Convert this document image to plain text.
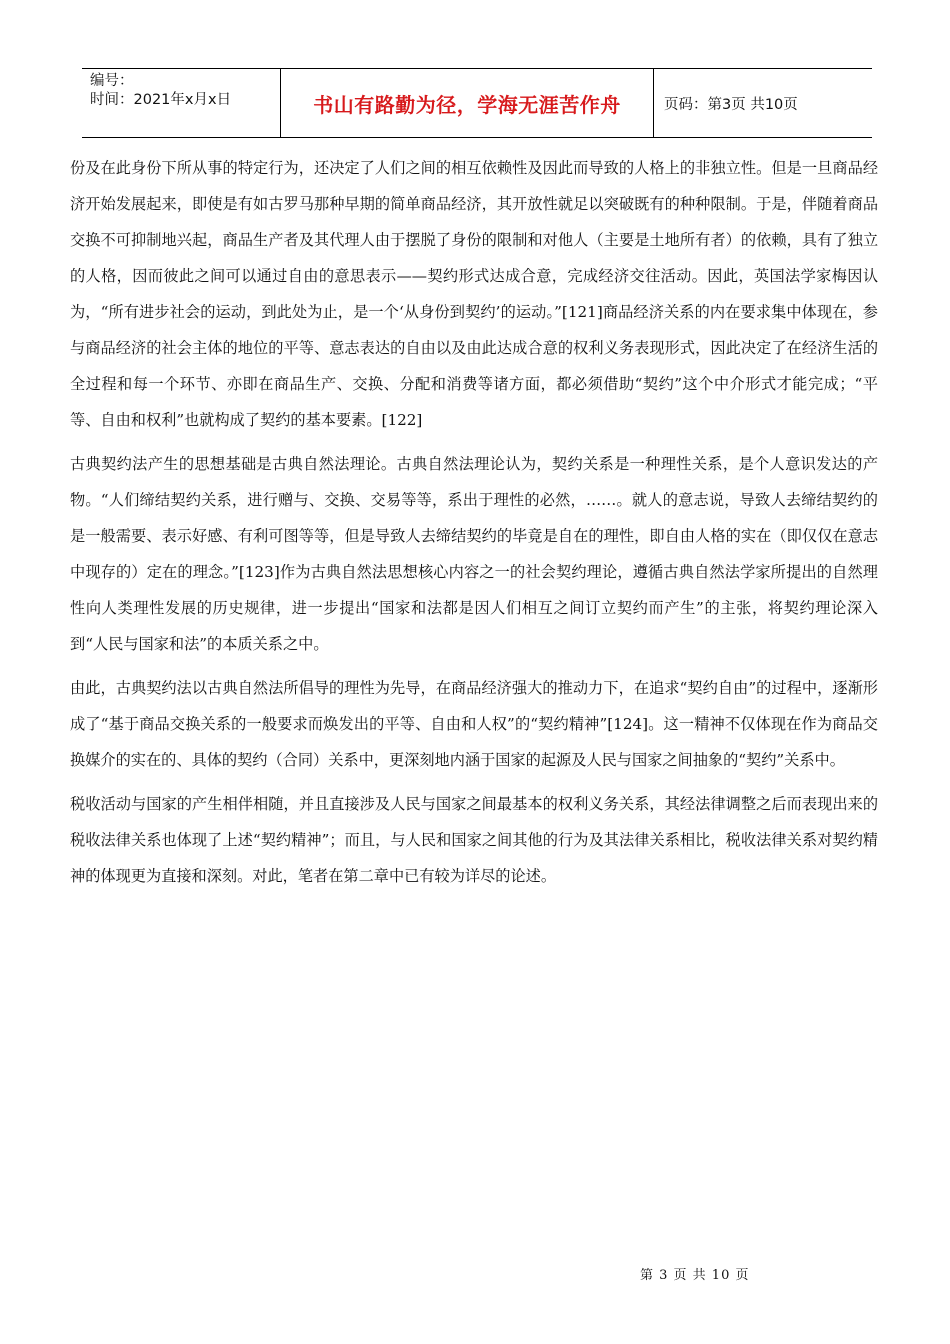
编号：
时间：2021年x月x日	书山有路勤为径，学海无涯苦作舟	页码：第3页 共10页

份及在此身份下所从事的特定行为，还决定了人们之间的相互依赖性及因此而导致的人格上的非独立性。但是一旦商品经济开始发展起来，即使是有如古罗马那种早期的简单商品经济，其开放性就足以突破既有的种种限制。于是，伴随着商品交换不可抑制地兴起，商品生产者及其代理人由于摆脱了身份的限制和对他人（主要是土地所有者）的依赖，具有了独立的人格，因而彼此之间可以通过自由的意思表示——契约形式达成合意，完成经济交往活动。因此，英国法学家梅因认为，“所有进步社会的运动，到此处为止，是一个‘从身份到契约’的运动。”[121]商品经济关系的内在要求集中体现在，参与商品经济的社会主体的地位的平等、意志表达的自由以及由此达成合意的权利义务表现形式，因此决定了在经济生活的全过程和每一个环节、亦即在商品生产、交换、分配和消费等诸方面，都必须借助“契约”这个中介形式才能完成；“平等、自由和权利”也就构成了契约的基本要素。[122]

古典契约法产生的思想基础是古典自然法理论。古典自然法理论认为，契约关系是一种理性关系，是个人意识发达的产物。“人们缔结契约关系，进行赠与、交换、交易等等，系出于理性的必然，……。就人的意志说，导致人去缔结契约的是一般需要、表示好感、有利可图等等，但是导致人去缔结契约的毕竟是自在的理性，即自由人格的实在（即仅仅在意志中现存的）定在的理念。”[123]作为古典自然法思想核心内容之一的社会契约理论，遵循古典自然法学家所提出的自然理性向人类理性发展的历史规律，进一步提出“国家和法都是因人们相互之间订立契约而产生”的主张，将契约理论深入到“人民与国家和法”的本质关系之中。

由此，古典契约法以古典自然法所倡导的理性为先导，在商品经济强大的推动力下，在追求“契约自由”的过程中，逐渐形成了“基于商品交换关系的一般要求而焕发出的平等、自由和人权”的“契约精神”[124]。这一精神不仅体现在作为商品交换媒介的实在的、具体的契约（合同）关系中，更深刻地内涵于国家的起源及人民与国家之间抽象的“契约”关系中。

税收活动与国家的产生相伴相随，并且直接涉及人民与国家之间最基本的权利义务关系，其经法律调整之后而表现出来的税收法律关系也体现了上述“契约精神”；而且，与人民和国家之间其他的行为及其法律关系相比，税收法律关系对契约精神的体现更为直接和深刻。对此，笔者在第二章中已有较为详尽的论述。

第 3 页 共 10 页
